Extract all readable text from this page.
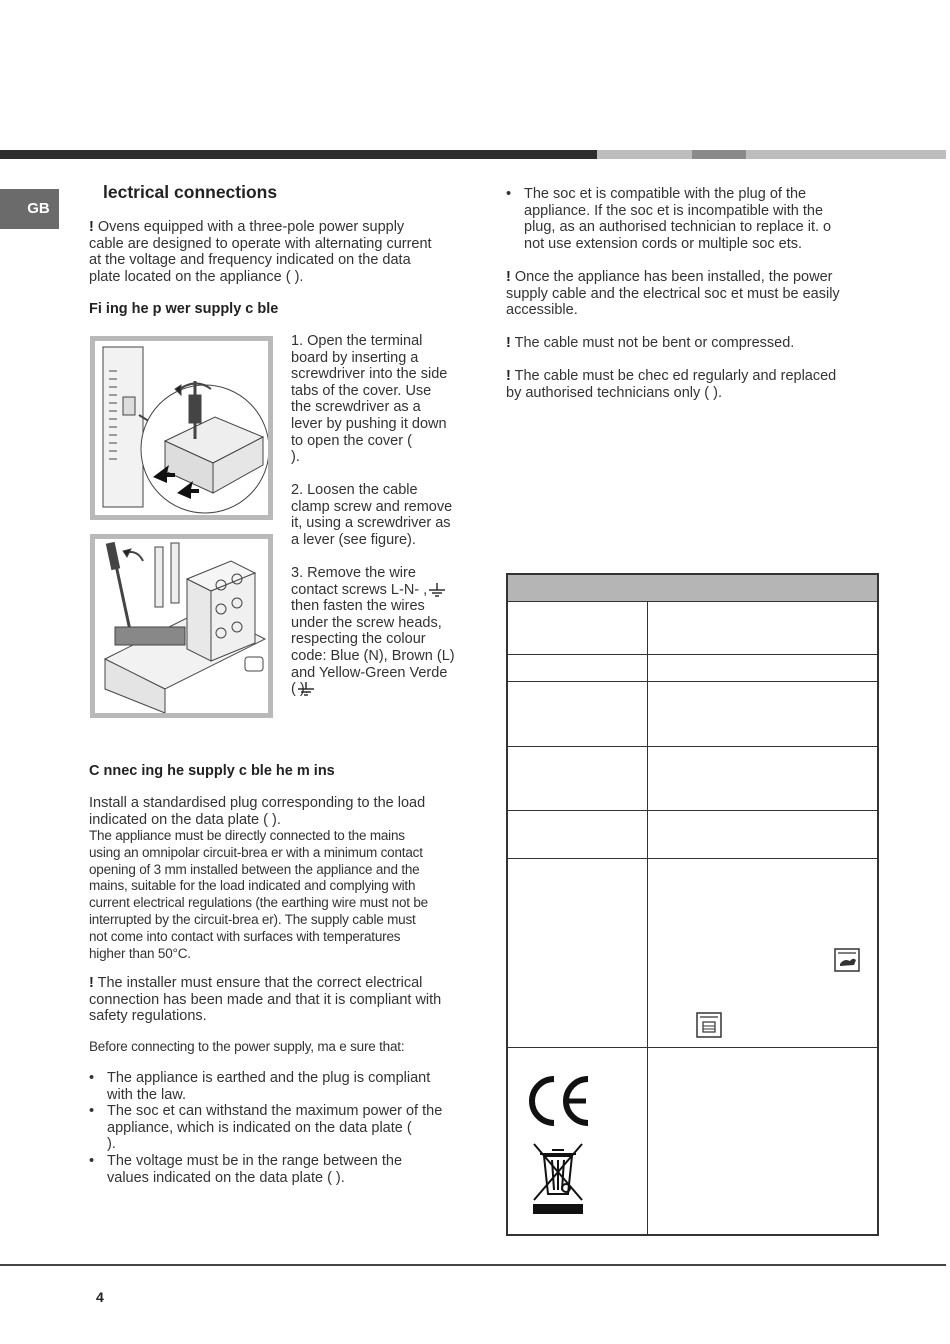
GB
lectrical connections
! Ovens equipped with a three-pole power supply
cable are designed to operate with alternating current
at the voltage and frequency indicated on the data
plate located on the appliance ( ).
Fi ing he p wer supply c ble
1. Open the terminal
board by inserting a
screwdriver into the side
tabs of the cover. Use
the screwdriver as a
lever by pushing it down
to open the cover (
).
2. Loosen the cable
clamp screw and remove
it, using a screwdriver as
a lever (see figure).
3. Remove the wire
contact screws L-N- ,
then fasten the wires
under the screw heads,
respecting the colour
code: Blue (N), Brown (L)
and Yellow-Green Verde
( ).
C nnec ing he supply c ble he m ins
Install a standardised plug corresponding to the load
indicated on the data plate ( ).
The appliance must be directly connected to the mains
using an omnipolar circuit-brea er with a minimum contact
opening of 3 mm installed between the appliance and the
mains, suitable for the load indicated and complying with
current electrical regulations (the earthing wire must not be
interrupted by the circuit-brea er). The supply cable must
not come into contact with surfaces with temperatures
higher than 50°C.
! The installer must ensure that the correct electrical
connection has been made and that it is compliant with
safety regulations.
Before connecting to the power supply, ma e sure that:
• The appliance is earthed and the plug is compliant
with the law.
• The soc et can withstand the maximum power of the
appliance, which is indicated on the data plate (
).
• The voltage must be in the range between the
values indicated on the data plate ( ).
• The soc et is compatible with the plug of the
appliance. If the soc et is incompatible with the
plug, as an authorised technician to replace it. o
not use extension cords or multiple soc ets.
! Once the appliance has been installed, the power
supply cable and the electrical soc et must be easily
accessible.
! The cable must not be bent or compressed.
! The cable must be chec ed regularly and replaced
by authorised technicians only ( ).
4
